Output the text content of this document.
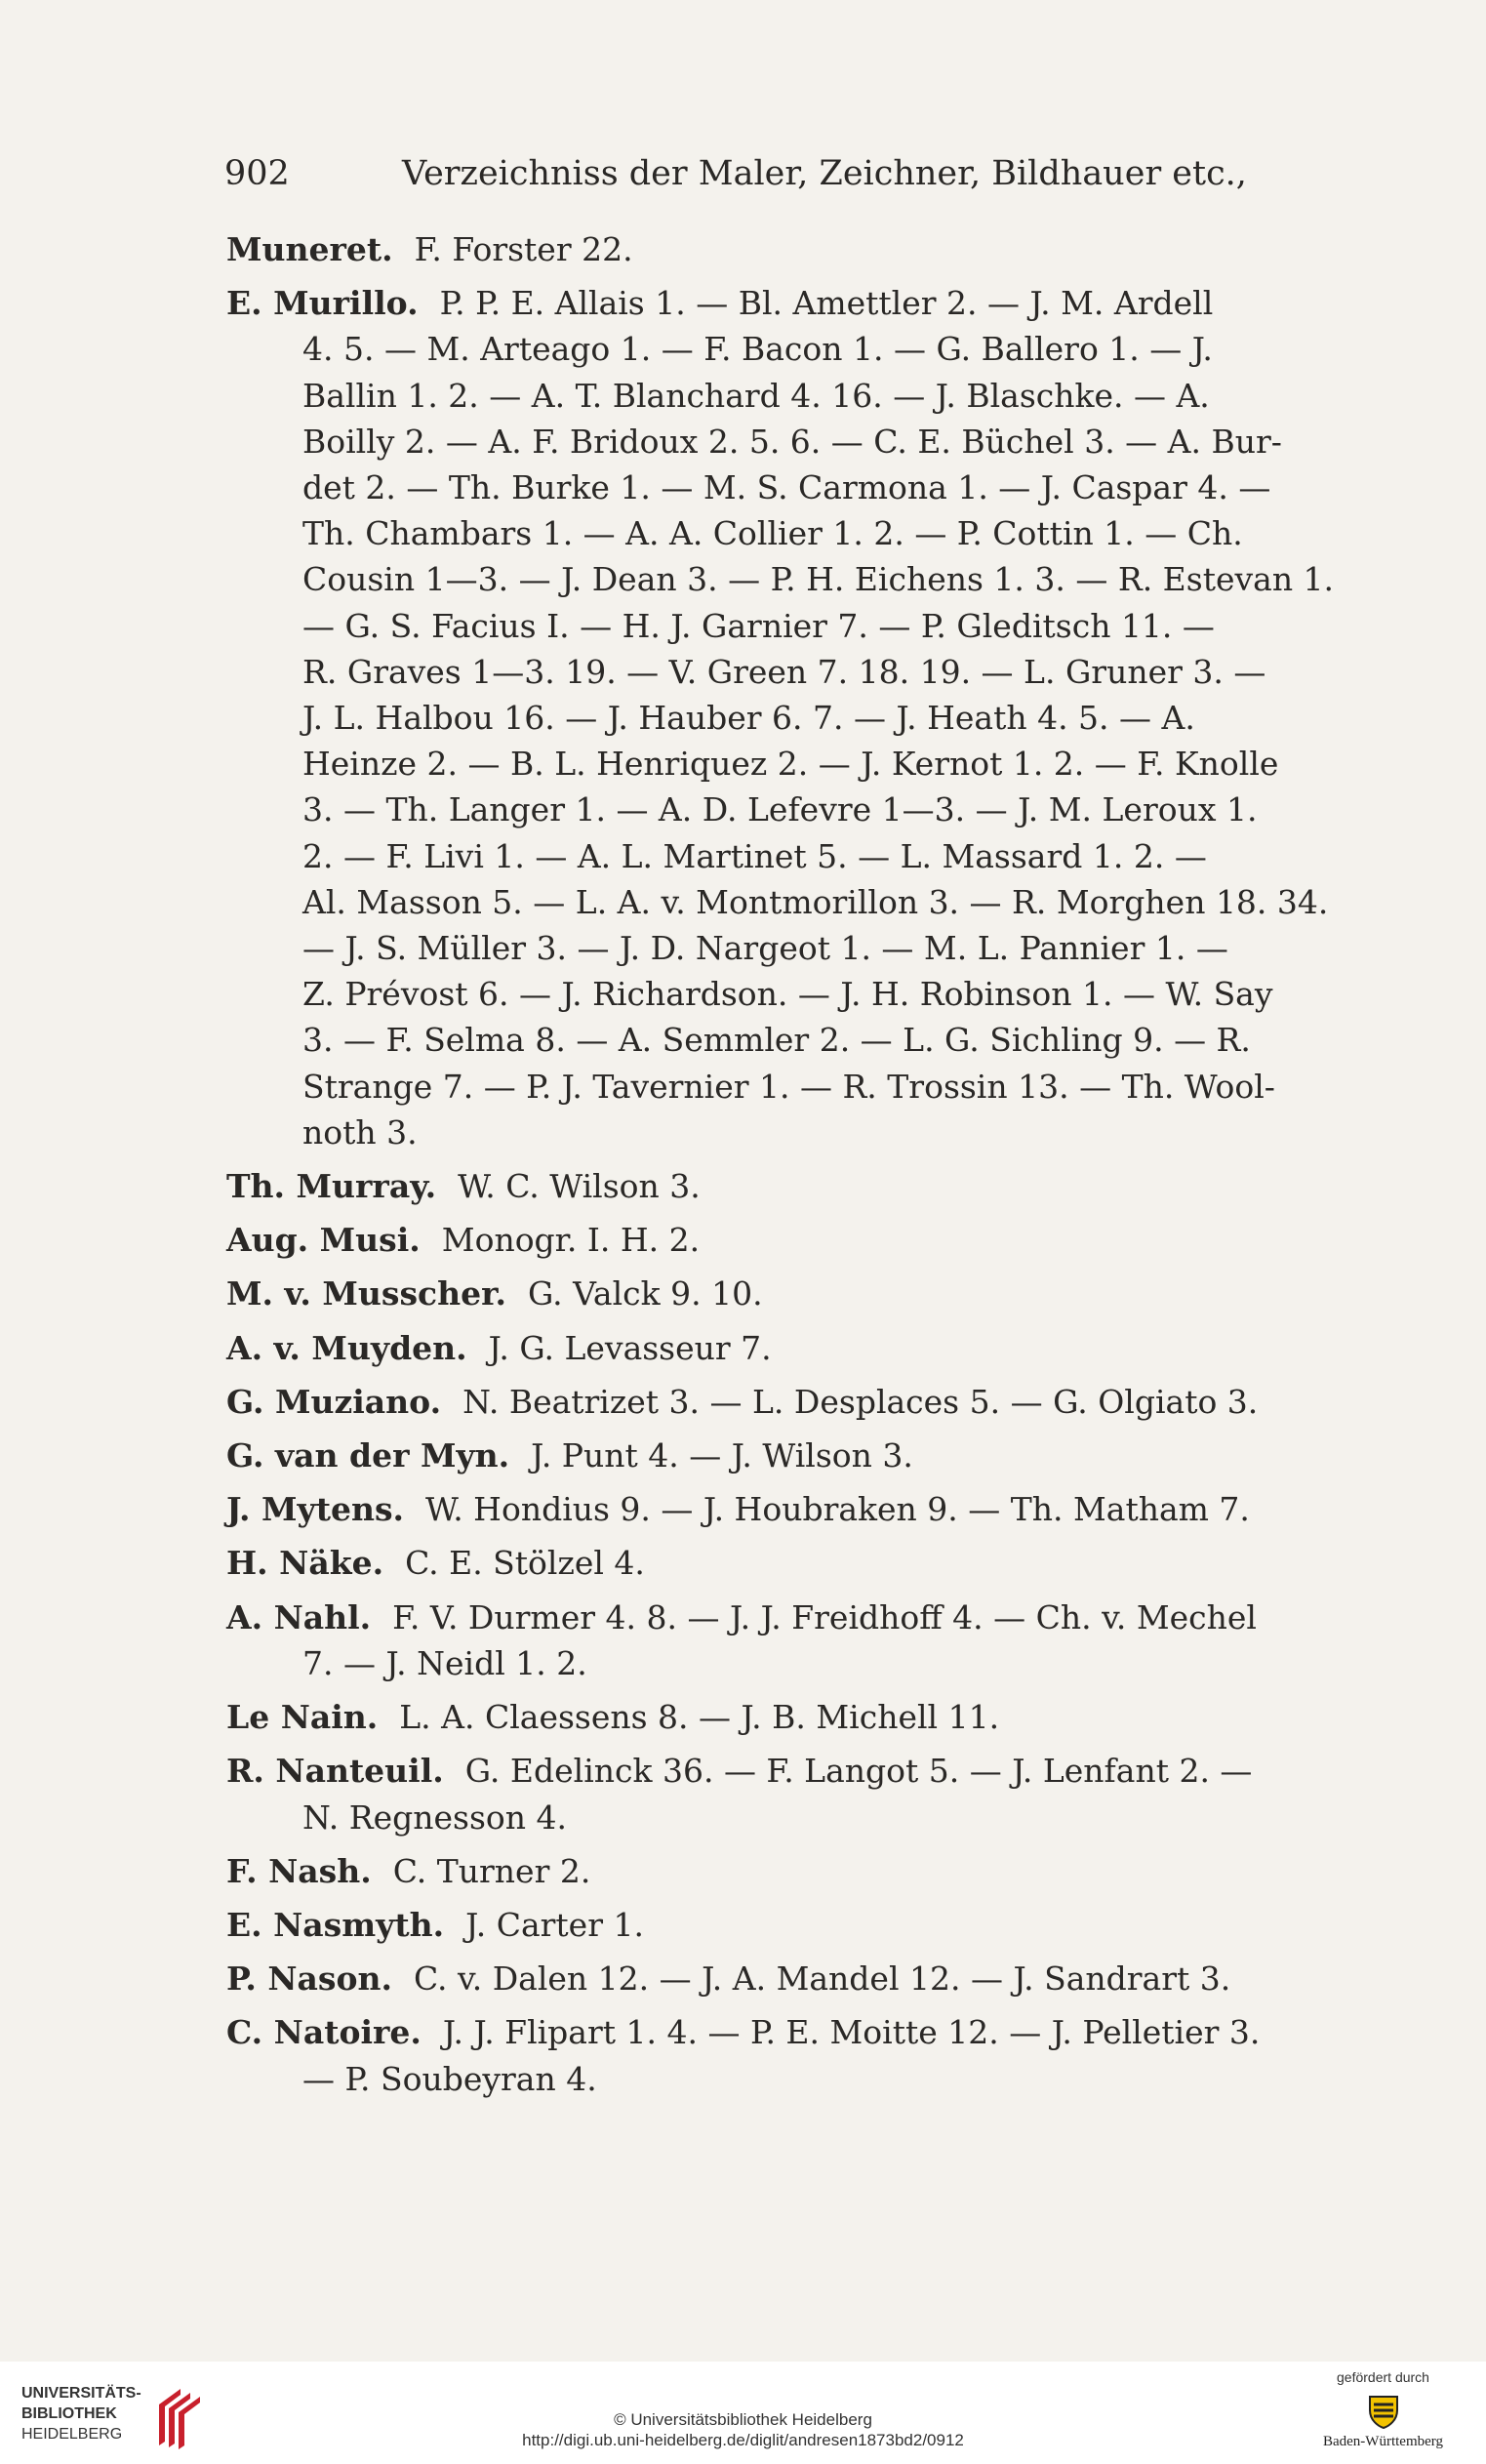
902	Verzeichniss der Maler, Zeichner, Bildhauer etc.,
Muneret. F. Forster 22.
E. Murillo. P. P. E. Allais 1. — Bl. Amettler 2. — J. M. Ardell
4. 5. — M. Arteago 1. — F. Bacon 1. — G. Ballero 1. — J.
Ballin 1. 2. — A. T. Blanchard 4. 16. — J. Blaschke. — A.
Boilly 2. — A. F. Bridoux 2. 5. 6. — C. E. Büchel 3. — A. Bur-
det 2. — Th. Burke 1. — M. S. Carmona 1. — J. Caspar 4. —
Th. Chambars 1. — A. A. Collier 1. 2. — P. Cottin 1. — Ch.
Cousin 1—3. — J. Dean 3. — P. H. Eichens 1. 3. — R. Estevan 1.
— G. S. Facius I. — H. J. Garnier 7. — P. Gleditsch 11. —
R. Graves 1—3. 19. — V. Green 7. 18. 19. — L. Gruner 3. —
J. L. Halbou 16. — J. Hauber 6. 7. — J. Heath 4. 5. — A.
Heinze 2. — B. L. Henriquez 2. — J. Kernot 1. 2. — F. Knolle
3. — Th. Langer 1. — A. D. Lefevre 1—3. — J. M. Leroux 1.
2. — F. Livi 1. — A. L. Martinet 5. — L. Massard 1. 2. —
Al. Masson 5. — L. A. v. Montmorillon 3. — R. Morghen 18. 34.
— J. S. Müller 3. — J. D. Nargeot 1. — M. L. Pannier 1. —
Z. Prévost 6. — J. Richardson. — J. H. Robinson 1. — W. Say
3. — F. Selma 8. — A. Semmler 2. — L. G. Sichling 9. — R.
Strange 7. — P. J. Tavernier 1. — R. Trossin 13. — Th. Wool-
noth 3.
Th. Murray. W. C. Wilson 3.
Aug. Musi. Monogr. I. H. 2.
M. v. Musscher. G. Valck 9. 10.
A. v. Muyden. J. G. Levasseur 7.
G. Muziano. N. Beatrizet 3. — L. Desplaces 5. — G. Olgiato 3.
G. van der Myn. J. Punt 4. — J. Wilson 3.
J. Mytens. W. Hondius 9. — J. Houbraken 9. — Th. Matham 7.
H. Näke. C. E. Stölzel 4.
A. Nahl. F. V. Durmer 4. 8. — J. J. Freidhoff 4. — Ch. v. Mechel
7. — J. Neidl 1. 2.
Le Nain. L. A. Claessens 8. — J. B. Michell 11.
R. Nanteuil. G. Edelinck 36. — F. Langot 5. — J. Lenfant 2. —
N. Regnesson 4.
F. Nash. C. Turner 2.
E. Nasmyth. J. Carter 1.
P. Nason. C. v. Dalen 12. — J. A. Mandel 12. — J. Sandrart 3.
C. Natoire. J. J. Flipart 1. 4. — P. E. Moitte 12. — J. Pelletier 3.
— P. Soubeyran 4.
UNIVERSITÄTS-
BIBLIOTHEK
HEIDELBERG
© Universitätsbibliothek Heidelberg
http://digi.ub.uni-heidelberg.de/diglit/andresen1873bd2/0912
gefördert durch
Baden-Württemberg
